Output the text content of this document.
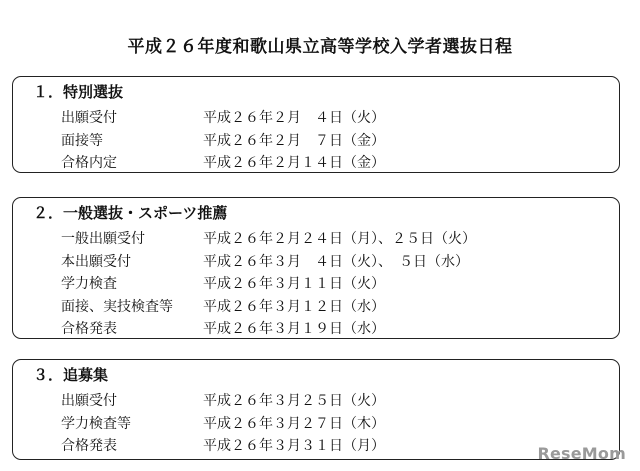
平成２６年度和歌山県立高等学校入学者選抜日程
１．特別選抜
出願受付	平成２６年２月　４日（火）
面接等	平成２６年２月　７日（金）
合格内定	平成２６年２月１４日（金）
２．一般選抜・スポーツ推薦
一般出願受付	平成２６年２月２４日（月）、２５日（火）
本出願受付	平成２６年３月　４日（火）、　５日（水）
学力検査	平成２６年３月１１日（火）
面接、実技検査等 平成２６年３月１２日（水）
合格発表	平成２６年３月１９日（水）
３．追募集
出願受付	平成２６年３月２５日（火）
学力検査等	平成２６年３月２７日（木）
合格発表	平成２６年３月３１日（月）	ReseMom
